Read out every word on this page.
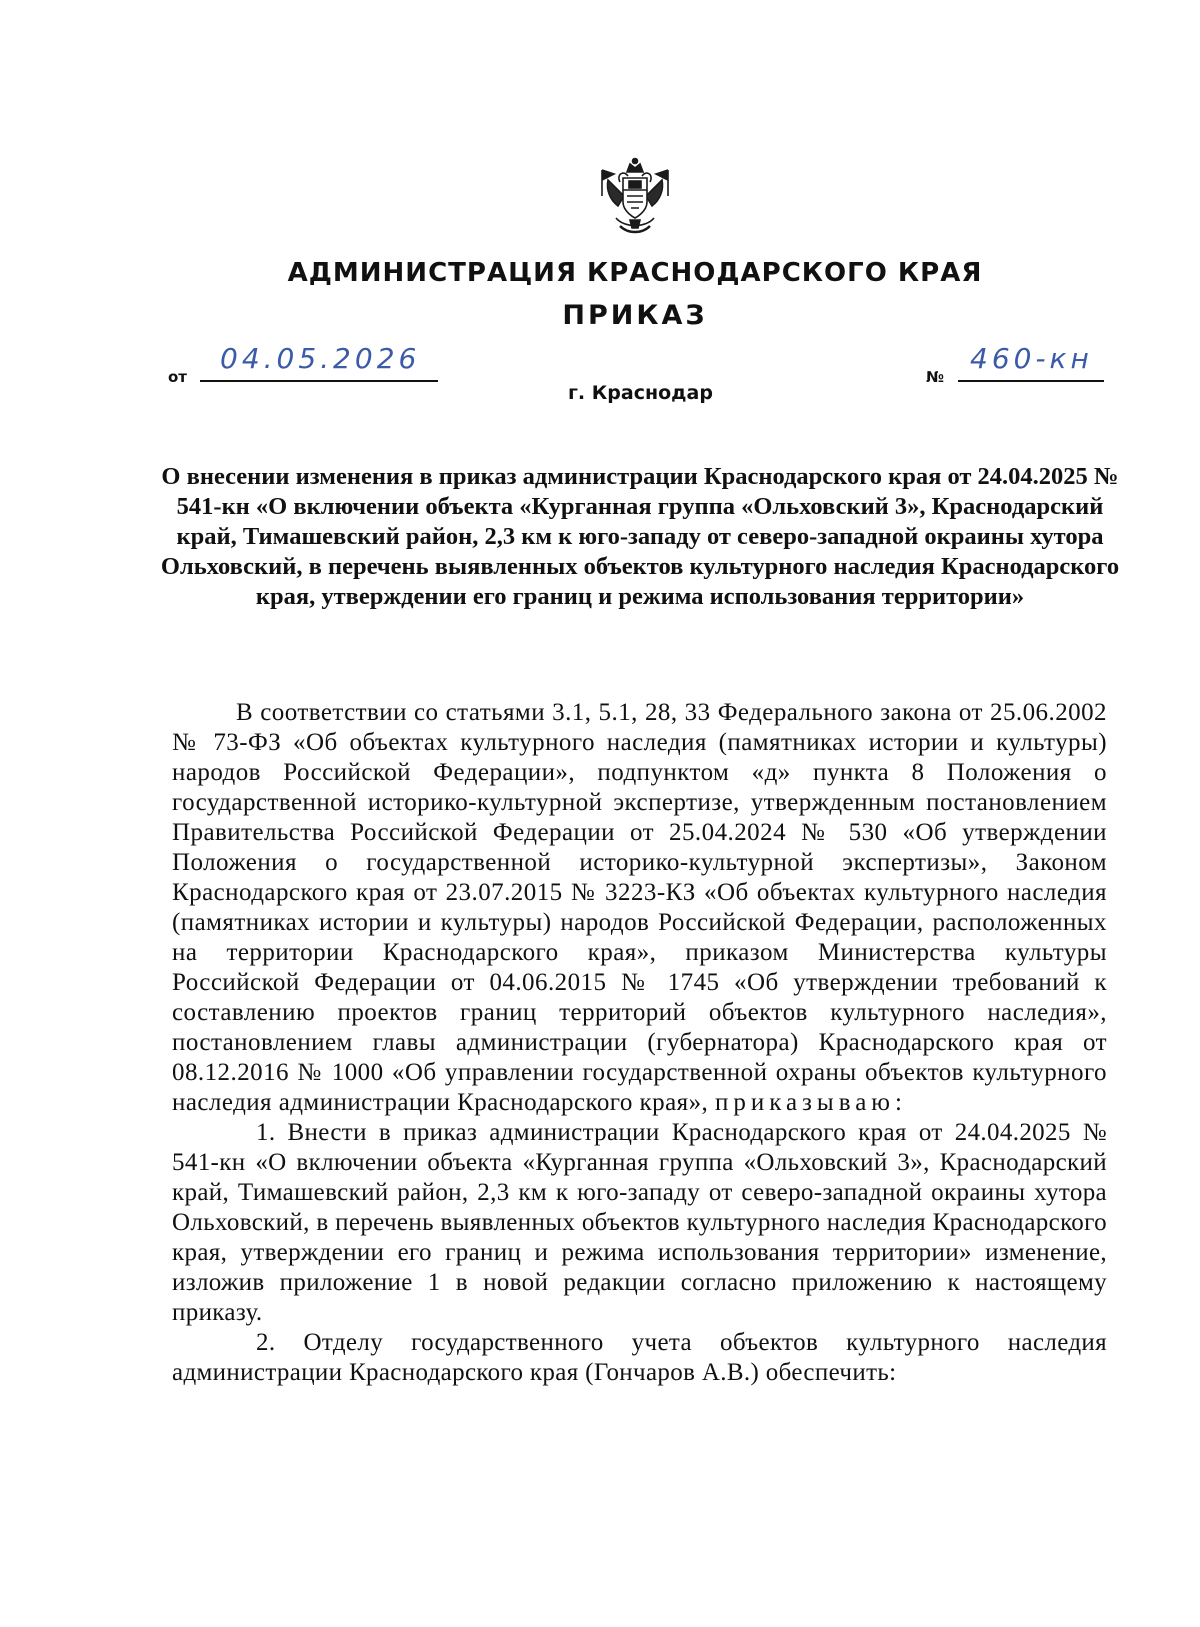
АДМИНИСТРАЦИЯ КРАСНОДАРСКОГО КРАЯ
ПРИКАЗ
от
04.05.2026
№
460-кн
г. Краснодар
О внесении изменения в приказ администрации Краснодарского края от 24.04.2025 № 541-кн «О включении объекта «Курганная группа «Ольховский 3», Краснодарский край, Тимашевский район, 2,3 км к юго-западу от северо-западной окраины хутора Ольховский, в перечень выявленных объектов культурного наследия Краснодарского края, утверждении его границ и режима использования территории»

В соответствии со статьями 3.1, 5.1, 28, 33 Федерального закона от 25.06.2002 № 73-ФЗ «Об объектах культурного наследия (памятниках истории и культуры) народов Российской Федерации», подпунктом «д» пункта 8 Положения о государственной историко-культурной экспертизе, утвержденным постановлением Правительства Российской Федерации от 25.04.2024 № 530 «Об утверждении Положения о государственной историко-культурной экспертизы», Законом Краснодарского края от 23.07.2015 № 3223-КЗ «Об объектах культурного наследия (памятниках истории и культуры) народов Российской Федерации, расположенных на территории Краснодарского края», приказом Министерства культуры Российской Федерации от 04.06.2015 № 1745 «Об утверждении требований к составлению проектов границ территорий объектов культурного наследия», постановлением главы администрации (губернатора) Краснодарского края от 08.12.2016 № 1000 «Об управлении государственной охраны объектов культурного наследия администрации Краснодарского края», приказываю:

1. Внести в приказ администрации Краснодарского края от 24.04.2025 № 541-кн «О включении объекта «Курганная группа «Ольховский 3», Краснодарский край, Тимашевский район, 2,3 км к юго-западу от северо-западной окраины хутора Ольховский, в перечень выявленных объектов культурного наследия Краснодарского края, утверждении его границ и режима использования территории» изменение, изложив приложение 1 в новой редакции согласно приложению к настоящему приказу.

2. Отделу государственного учета объектов культурного наследия администрации Краснодарского края (Гончаров А.В.) обеспечить:
